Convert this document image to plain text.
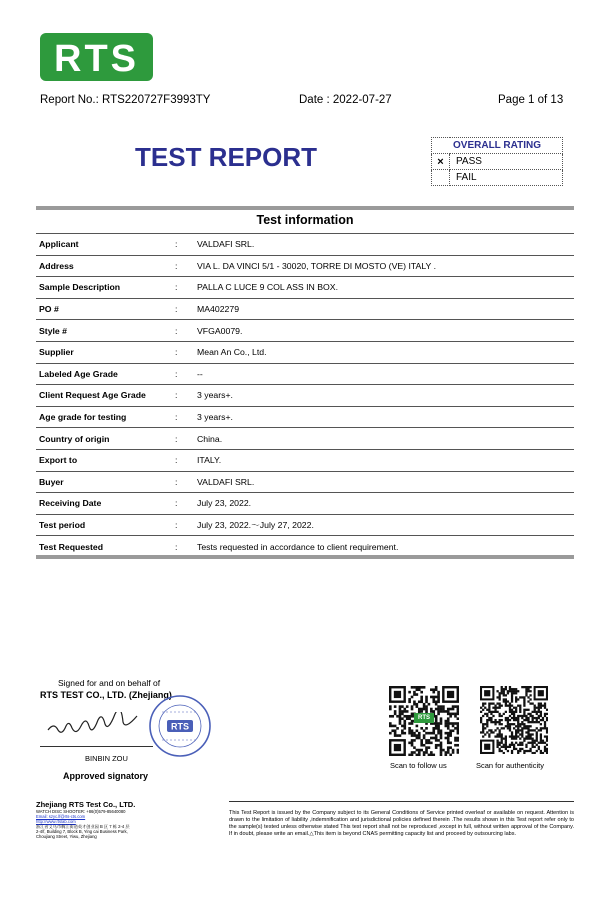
RTS
Report No.: RTS220727F3993TY	Date : 2022-07-27	Page 1 of 13
TEST REPORT	OVERALL RATING	
×	PASS
	FAIL
Test information
Applicant	:	VALDAFI SRL.
Address	:	VIA L. DA VINCI 5/1 - 30020, TORRE DI MOSTO (VE) ITALY .
Sample Description	:	PALLA C LUCE 9 COL ASS IN BOX.
PO #	:	MA402279
Style #	:	VFGA0079.
Supplier	:	Mean An Co., Ltd.
Labeled Age Grade	:	--
Client Request Age Grade	:	3 years+.
Age grade for testing	:	3 years+.
Country of origin	:	China.
Export to	:	ITALY.
Buyer	:	VALDAFI SRL.
Receiving Date	:	July 23, 2022.
Test period	:	July 23, 2022.～July 27, 2022.
Test Requested	:	Tests requested in accordance to client requirement.
Signed for and on behalf of
RTS TEST CO., LTD. (Zhejiang)
RTS
BINBIN ZOU
Approved signatory
RTS
Scan to follow us	Scan for authenticity
Zhejiang RTS Test Co., LTD.
WATCH DISC SHOOTER: +86(0)579-85640080
Email: szyc.lf@rts-cts.com
http://www.rtslab.com
浙江省义乌市稠江街道英才创业园 B 区 7 栋 2-4 层
2-4/f, Building 7, Block B, Ying cai Business Park,
Choujiang Street, Yiwu, Zhejiang
This Test Report is issued by the Company subject to its General Conditions of Service printed overleaf or available on request. Attention is drawn to the limitation of liability ,indemnification and jurisdictional policies defined therein .The results shown in this Test report refer only to the sample(s) tested unless otherwise stated This test report shall not be reproduced ,except in full, without written approval of the Company. If in doubt, please write an email.△This item is beyond CNAS permitting capacity list and proceed by outsourcing labs.
